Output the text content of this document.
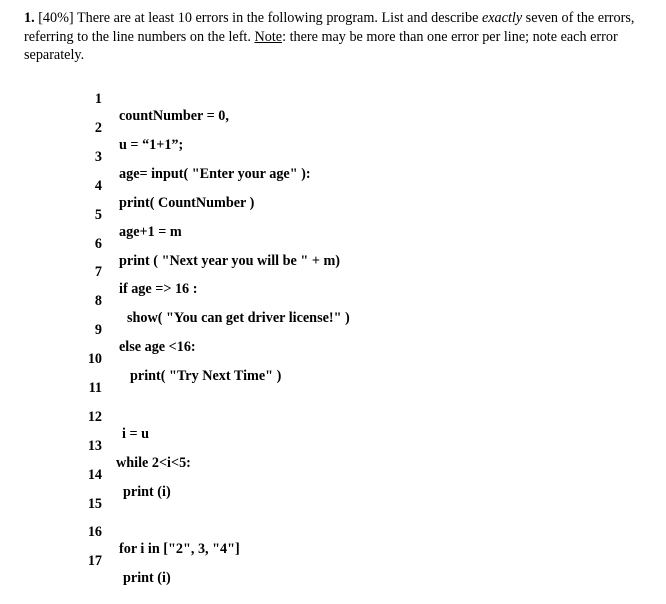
1. [40%] There are at least 10 errors in the following program. List and describe exactly seven of the errors, referring to the line numbers on the left. Note: there may be more than one error per line; note each error separately.

1

countNumber = 0,

2

u = “1+1”;

3

age= input( "Enter your age" ):

4

print( CountNumber )

5

age+1 = m

6

print ( "Next year you will be " + m)

7

if age => 16 :

8

show( "You can get driver license!" )

9

else age <16:

10

print( "Try Next Time" )

11

12

i = u

13

while 2<i<5:

14

print (i)

15

16

for i in ["2", 3, "4"]

17

print (i)
